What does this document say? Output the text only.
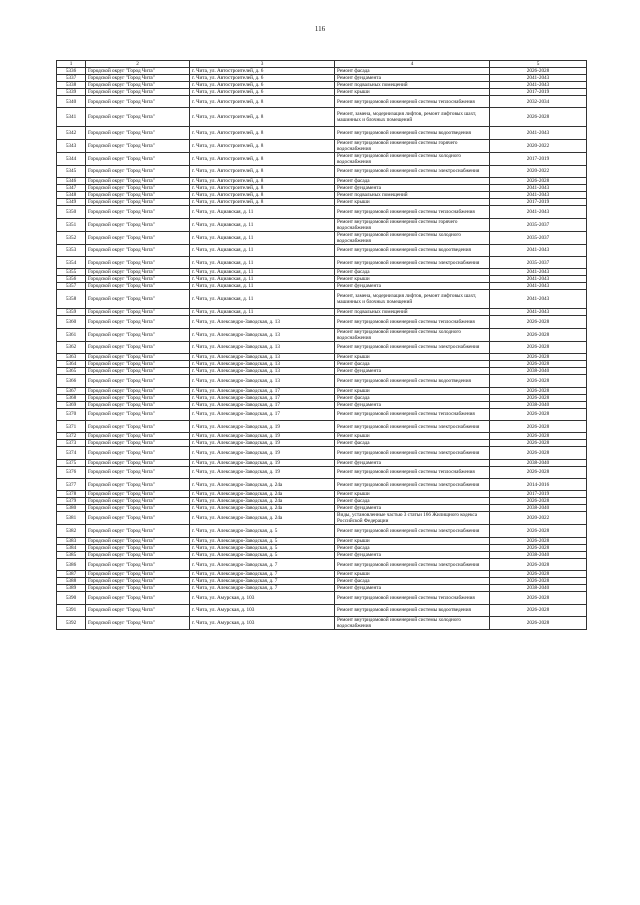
116
1	2	3	4	5
5336	Городской округ "Город Чита"	г. Чита, ул. Автостроителей, д. 6	Ремонт фасада	2026-2028
5337	Городской округ "Город Чита"	г. Чита, ул. Автостроителей, д. 6	Ремонт фундамента	2041-2043
5338	Городской округ "Город Чита"	г. Чита, ул. Автостроителей, д. 6	Ремонт подвальных помещений	2041-2043
5339	Городской округ "Город Чита"	г. Чита, ул. Автостроителей, д. 6	Ремонт крыши	2017-2019
5340	Городской округ "Город Чита"	г. Чита, ул. Автостроителей, д. 8	Ремонт внутридомовой инженерной системы теплоснабжения	2032-2034
5341	Городской округ "Город Чита"	г. Чита, ул. Автостроителей, д. 8	Ремонт, замена, модернизация лифтов, ремонт лифтовых шахт, машинных и блочных помещений	2026-2028
5342	Городской округ "Город Чита"	г. Чита, ул. Автостроителей, д. 8	Ремонт внутридомовой инженерной системы водоотведения	2041-2043
5343	Городской округ "Город Чита"	г. Чита, ул. Автостроителей, д. 8	Ремонт внутридомовой инженерной системы горячего водоснабжения	2020-2022
5344	Городской округ "Город Чита"	г. Чита, ул. Автостроителей, д. 8	Ремонт внутридомовой инженерной системы холодного водоснабжения	2017-2019
5345	Городской округ "Город Чита"	г. Чита, ул. Автостроителей, д. 8	Ремонт внутридомовой инженерной системы электроснабжения	2020-2022
5346	Городской округ "Город Чита"	г. Чита, ул. Автостроителей, д. 8	Ремонт фасада	2026-2028
5347	Городской округ "Город Чита"	г. Чита, ул. Автостроителей, д. 8	Ремонт фундамента	2041-2043
5348	Городской округ "Город Чита"	г. Чита, ул. Автостроителей, д. 8	Ремонт подвальных помещений	2041-2043
5349	Городской округ "Город Чита"	г. Чита, ул. Автостроителей, д. 8	Ремонт крыши	2017-2019
5350	Городской округ "Город Чита"	г. Чита, ул. Ациавская, д. 11	Ремонт внутридомовой инженерной системы теплоснабжения	2041-2043
5351	Городской округ "Город Чита"	г. Чита, ул. Ациавская, д. 11	Ремонт внутридомовой инженерной системы горячего водоснабжения	2035-2037
5352	Городской округ "Город Чита"	г. Чита, ул. Ациавская, д. 11	Ремонт внутридомовой инженерной системы холодного водоснабжения	2035-2037
5353	Городской округ "Город Чита"	г. Чита, ул. Ациавская, д. 11	Ремонт внутридомовой инженерной системы водоотведения	2041-2043
5354	Городской округ "Город Чита"	г. Чита, ул. Ациавская, д. 11	Ремонт внутридомовой инженерной системы электроснабжения	2035-2037
5355	Городской округ "Город Чита"	г. Чита, ул. Ациавская, д. 11	Ремонт фасада	2041-2043
5356	Городской округ "Город Чита"	г. Чита, ул. Ациавская, д. 11	Ремонт крыши	2041-2043
5357	Городской округ "Город Чита"	г. Чита, ул. Ациавская, д. 11	Ремонт фундамента	2041-2043
5358	Городской округ "Город Чита"	г. Чита, ул. Ациавская, д. 11	Ремонт, замена, модернизация лифтов, ремонт лифтовых шахт, машинных и блочных помещений	2041-2043
5359	Городской округ "Город Чита"	г. Чита, ул. Ациавская, д. 11	Ремонт подвальных помещений	2041-2043
5360	Городской округ "Город Чита"	г. Чита, ул. Александро-Заводская, д. 13	Ремонт внутридомовой инженерной системы теплоснабжения	2026-2028
5361	Городской округ "Город Чита"	г. Чита, ул. Александро-Заводская, д. 13	Ремонт внутридомовой инженерной системы холодного водоснабжения	2026-2028
5362	Городской округ "Город Чита"	г. Чита, ул. Александро-Заводская, д. 13	Ремонт внутридомовой инженерной системы электроснабжения	2026-2028
5363	Городской округ "Город Чита"	г. Чита, ул. Александро-Заводская, д. 13	Ремонт крыши	2026-2028
5364	Городской округ "Город Чита"	г. Чита, ул. Александро-Заводская, д. 13	Ремонт фасада	2026-2028
5365	Городской округ "Город Чита"	г. Чита, ул. Александро-Заводская, д. 13	Ремонт фундамента	2038-2040
5366	Городской округ "Город Чита"	г. Чита, ул. Александро-Заводская, д. 13	Ремонт внутридомовой инженерной системы водоотведения	2026-2028
5367	Городской округ "Город Чита"	г. Чита, ул. Александро-Заводская, д. 17	Ремонт крыши	2026-2028
5368	Городской округ "Город Чита"	г. Чита, ул. Александро-Заводская, д. 17	Ремонт фасада	2026-2028
5369	Городской округ "Город Чита"	г. Чита, ул. Александро-Заводская, д. 17	Ремонт фундамента	2038-2040
5370	Городской округ "Город Чита"	г. Чита, ул. Александро-Заводская, д. 17	Ремонт внутридомовой инженерной системы теплоснабжения	2026-2028
5371	Городской округ "Город Чита"	г. Чита, ул. Александро-Заводская, д. 19	Ремонт внутридомовой инженерной системы электроснабжения	2026-2028
5372	Городской округ "Город Чита"	г. Чита, ул. Александро-Заводская, д. 19	Ремонт крыши	2026-2028
5373	Городской округ "Город Чита"	г. Чита, ул. Александро-Заводская, д. 19	Ремонт фасада	2026-2028
5374	Городской округ "Город Чита"	г. Чита, ул. Александро-Заводская, д. 19	Ремонт внутридомовой инженерной системы электроснабжения	2026-2028
5375	Городской округ "Город Чита"	г. Чита, ул. Александро-Заводская, д. 19	Ремонт фундамента	2038-2040
5376	Городской округ "Город Чита"	г. Чита, ул. Александро-Заводская, д. 19	Ремонт внутридомовой инженерной системы теплоснабжения	2026-2028
5377	Городской округ "Город Чита"	г. Чита, ул. Александро-Заводская, д. 24а	Ремонт внутридомовой инженерной системы электроснабжения	2014-2016
5378	Городской округ "Город Чита"	г. Чита, ул. Александро-Заводская, д. 24а	Ремонт крыши	2017-2019
5379	Городской округ "Город Чита"	г. Чита, ул. Александро-Заводская, д. 24а	Ремонт фасада	2026-2028
5380	Городской округ "Город Чита"	г. Чита, ул. Александро-Заводская, д. 24а	Ремонт фундамента	2038-2040
5381	Городской округ "Город Чита"	г. Чита, ул. Александро-Заводская, д. 24а	Виды, установленные частью 3 статьи 166 Жилищного кодекса Российской Федерации	2020-2022
5382	Городской округ "Город Чита"	г. Чита, ул. Александро-Заводская, д. 5	Ремонт внутридомовой инженерной системы электроснабжения	2026-2028
5383	Городской округ "Город Чита"	г. Чита, ул. Александро-Заводская, д. 5	Ремонт крыши	2026-2028
5384	Городской округ "Город Чита"	г. Чита, ул. Александро-Заводская, д. 5	Ремонт фасада	2026-2028
5385	Городской округ "Город Чита"	г. Чита, ул. Александро-Заводская, д. 5	Ремонт фундамента	2038-2040
5386	Городской округ "Город Чита"	г. Чита, ул. Александро-Заводская, д. 7	Ремонт внутридомовой инженерной системы электроснабжения	2026-2028
5387	Городской округ "Город Чита"	г. Чита, ул. Александро-Заводская, д. 7	Ремонт крыши	2026-2028
5388	Городской округ "Город Чита"	г. Чита, ул. Александро-Заводская, д. 7	Ремонт фасада	2026-2028
5389	Городской округ "Город Чита"	г. Чита, ул. Александро-Заводская, д. 7	Ремонт фундамента	2038-2040
5390	Городской округ "Город Чита"	г. Чита, ул. Амурская, д. 103	Ремонт внутридомовой инженерной системы теплоснабжения	2026-2028
5391	Городской округ "Город Чита"	г. Чита, ул. Амурская, д. 103	Ремонт внутридомовой инженерной системы водоотведения	2026-2028
5392	Городской округ "Город Чита"	г. Чита, ул. Амурская, д. 103	Ремонт внутридомовой инженерной системы холодного водоснабжения	2026-2028
